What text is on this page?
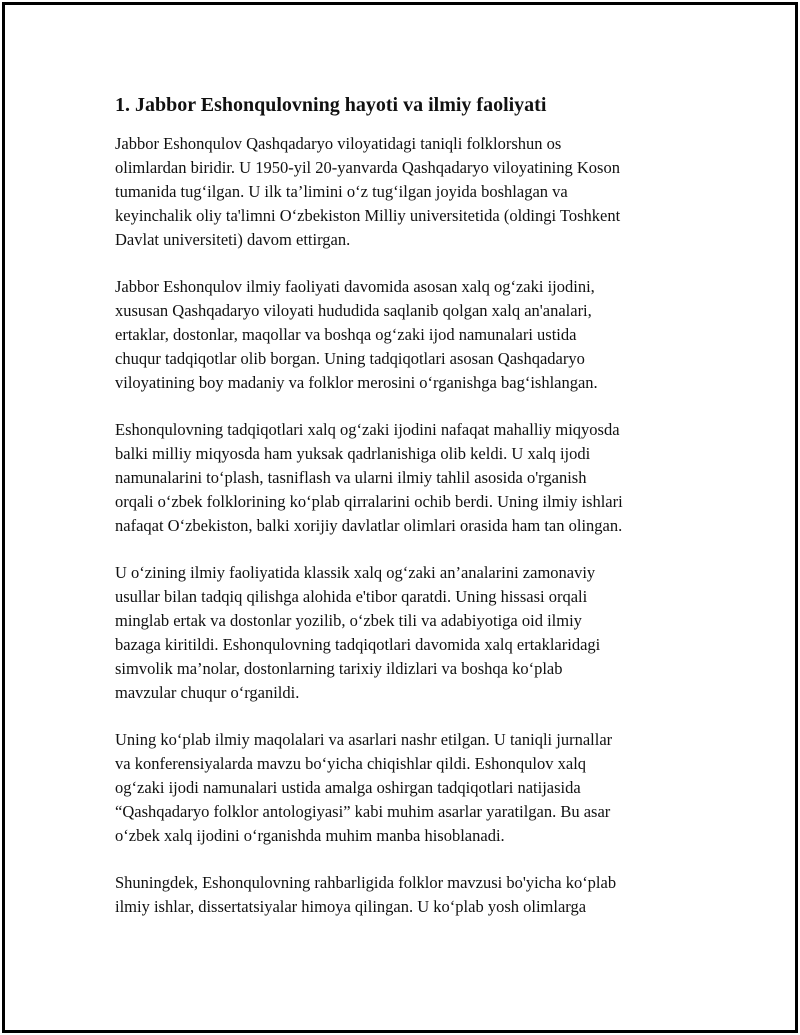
1. Jabbor Eshonqulovning hayoti va ilmiy faoliyati

Jabbor Eshonqulov Qashqadaryo viloyatidagi taniqli folklorshun os
olimlardan biridir. U 1950-yil 20-yanvarda Qashqadaryo viloyatining Koson
tumanida tug‘ilgan. U ilk ta’limini o‘z tug‘ilgan joyida boshlagan va
keyinchalik oliy ta'limni O‘zbekiston Milliy universitetida (oldingi Toshkent
Davlat universiteti) davom ettirgan.

Jabbor Eshonqulov ilmiy faoliyati davomida asosan xalq og‘zaki ijodini,
xususan Qashqadaryo viloyati hududida saqlanib qolgan xalq an'analari,
ertaklar, dostonlar, maqollar va boshqa og‘zaki ijod namunalari ustida
chuqur tadqiqotlar olib borgan. Uning tadqiqotlari asosan Qashqadaryo
viloyatining boy madaniy va folklor merosini o‘rganishga bag‘ishlangan.

Eshonqulovning tadqiqotlari xalq og‘zaki ijodini nafaqat mahalliy miqyosda
balki milliy miqyosda ham yuksak qadrlanishiga olib keldi. U xalq ijodi
namunalarini to‘plash, tasniflash va ularni ilmiy tahlil asosida o'rganish
orqali o‘zbek folklorining ko‘plab qirralarini ochib berdi. Uning ilmiy ishlari
nafaqat O‘zbekiston, balki xorijiy davlatlar olimlari orasida ham tan olingan.

U o‘zining ilmiy faoliyatida klassik xalq og‘zaki an’analarini zamonaviy
usullar bilan tadqiq qilishga alohida e'tibor qaratdi. Uning hissasi orqali
minglab ertak va dostonlar yozilib, o‘zbek tili va adabiyotiga oid ilmiy
bazaga kiritildi. Eshonqulovning tadqiqotlari davomida xalq ertaklaridagi
simvolik ma’nolar, dostonlarning tarixiy ildizlari va boshqa ko‘plab
mavzular chuqur o‘rganildi.

Uning ko‘plab ilmiy maqolalari va asarlari nashr etilgan. U taniqli jurnallar
va konferensiyalarda mavzu bo‘yicha chiqishlar qildi. Eshonqulov xalq
og‘zaki ijodi namunalari ustida amalga oshirgan tadqiqotlari natijasida
“Qashqadaryo folklor antologiyasi” kabi muhim asarlar yaratilgan. Bu asar
o‘zbek xalq ijodini o‘rganishda muhim manba hisoblanadi.

Shuningdek, Eshonqulovning rahbarligida folklor mavzusi bo'yicha ko‘plab
ilmiy ishlar, dissertatsiyalar himoya qilingan. U ko‘plab yosh olimlarga
